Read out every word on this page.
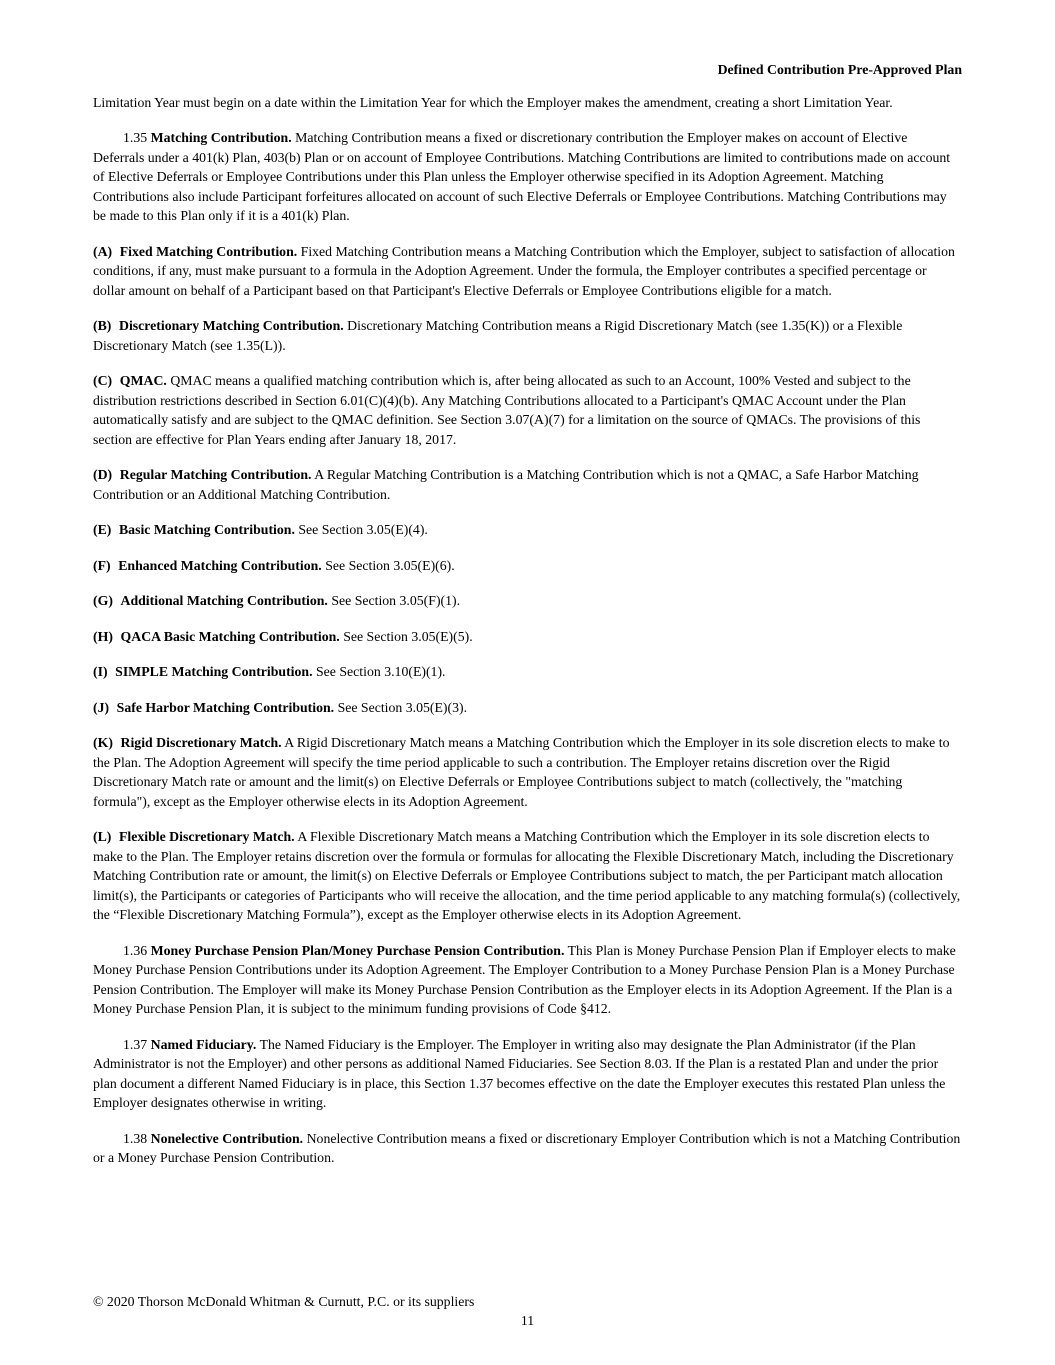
Defined Contribution Pre-Approved Plan

Limitation Year must begin on a date within the Limitation Year for which the Employer makes the amendment, creating a short Limitation Year.

1.35 Matching Contribution. Matching Contribution means a fixed or discretionary contribution the Employer makes on account of Elective Deferrals under a 401(k) Plan, 403(b) Plan or on account of Employee Contributions. Matching Contributions are limited to contributions made on account of Elective Deferrals or Employee Contributions under this Plan unless the Employer otherwise specified in its Adoption Agreement. Matching Contributions also include Participant forfeitures allocated on account of such Elective Deferrals or Employee Contributions. Matching Contributions may be made to this Plan only if it is a 401(k) Plan.

(A) Fixed Matching Contribution. Fixed Matching Contribution means a Matching Contribution which the Employer, subject to satisfaction of allocation conditions, if any, must make pursuant to a formula in the Adoption Agreement. Under the formula, the Employer contributes a specified percentage or dollar amount on behalf of a Participant based on that Participant's Elective Deferrals or Employee Contributions eligible for a match.

(B) Discretionary Matching Contribution. Discretionary Matching Contribution means a Rigid Discretionary Match (see 1.35(K)) or a Flexible Discretionary Match (see 1.35(L)).

(C) QMAC. QMAC means a qualified matching contribution which is, after being allocated as such to an Account, 100% Vested and subject to the distribution restrictions described in Section 6.01(C)(4)(b). Any Matching Contributions allocated to a Participant's QMAC Account under the Plan automatically satisfy and are subject to the QMAC definition. See Section 3.07(A)(7) for a limitation on the source of QMACs. The provisions of this section are effective for Plan Years ending after January 18, 2017.

(D) Regular Matching Contribution. A Regular Matching Contribution is a Matching Contribution which is not a QMAC, a Safe Harbor Matching Contribution or an Additional Matching Contribution.

(E) Basic Matching Contribution. See Section 3.05(E)(4).

(F) Enhanced Matching Contribution. See Section 3.05(E)(6).

(G) Additional Matching Contribution. See Section 3.05(F)(1).

(H) QACA Basic Matching Contribution. See Section 3.05(E)(5).

(I) SIMPLE Matching Contribution. See Section 3.10(E)(1).

(J) Safe Harbor Matching Contribution. See Section 3.05(E)(3).

(K) Rigid Discretionary Match. A Rigid Discretionary Match means a Matching Contribution which the Employer in its sole discretion elects to make to the Plan. The Adoption Agreement will specify the time period applicable to such a contribution. The Employer retains discretion over the Rigid Discretionary Match rate or amount and the limit(s) on Elective Deferrals or Employee Contributions subject to match (collectively, the "matching formula"), except as the Employer otherwise elects in its Adoption Agreement.

(L) Flexible Discretionary Match. A Flexible Discretionary Match means a Matching Contribution which the Employer in its sole discretion elects to make to the Plan. The Employer retains discretion over the formula or formulas for allocating the Flexible Discretionary Match, including the Discretionary Matching Contribution rate or amount, the limit(s) on Elective Deferrals or Employee Contributions subject to match, the per Participant match allocation limit(s), the Participants or categories of Participants who will receive the allocation, and the time period applicable to any matching formula(s) (collectively, the “Flexible Discretionary Matching Formula”), except as the Employer otherwise elects in its Adoption Agreement.

1.36 Money Purchase Pension Plan/Money Purchase Pension Contribution. This Plan is Money Purchase Pension Plan if Employer elects to make Money Purchase Pension Contributions under its Adoption Agreement. The Employer Contribution to a Money Purchase Pension Plan is a Money Purchase Pension Contribution. The Employer will make its Money Purchase Pension Contribution as the Employer elects in its Adoption Agreement. If the Plan is a Money Purchase Pension Plan, it is subject to the minimum funding provisions of Code §412.

1.37 Named Fiduciary. The Named Fiduciary is the Employer. The Employer in writing also may designate the Plan Administrator (if the Plan Administrator is not the Employer) and other persons as additional Named Fiduciaries. See Section 8.03. If the Plan is a restated Plan and under the prior plan document a different Named Fiduciary is in place, this Section 1.37 becomes effective on the date the Employer executes this restated Plan unless the Employer designates otherwise in writing.

1.38 Nonelective Contribution. Nonelective Contribution means a fixed or discretionary Employer Contribution which is not a Matching Contribution or a Money Purchase Pension Contribution.

© 2020 Thorson McDonald Whitman & Curnutt, P.C. or its suppliers
11
